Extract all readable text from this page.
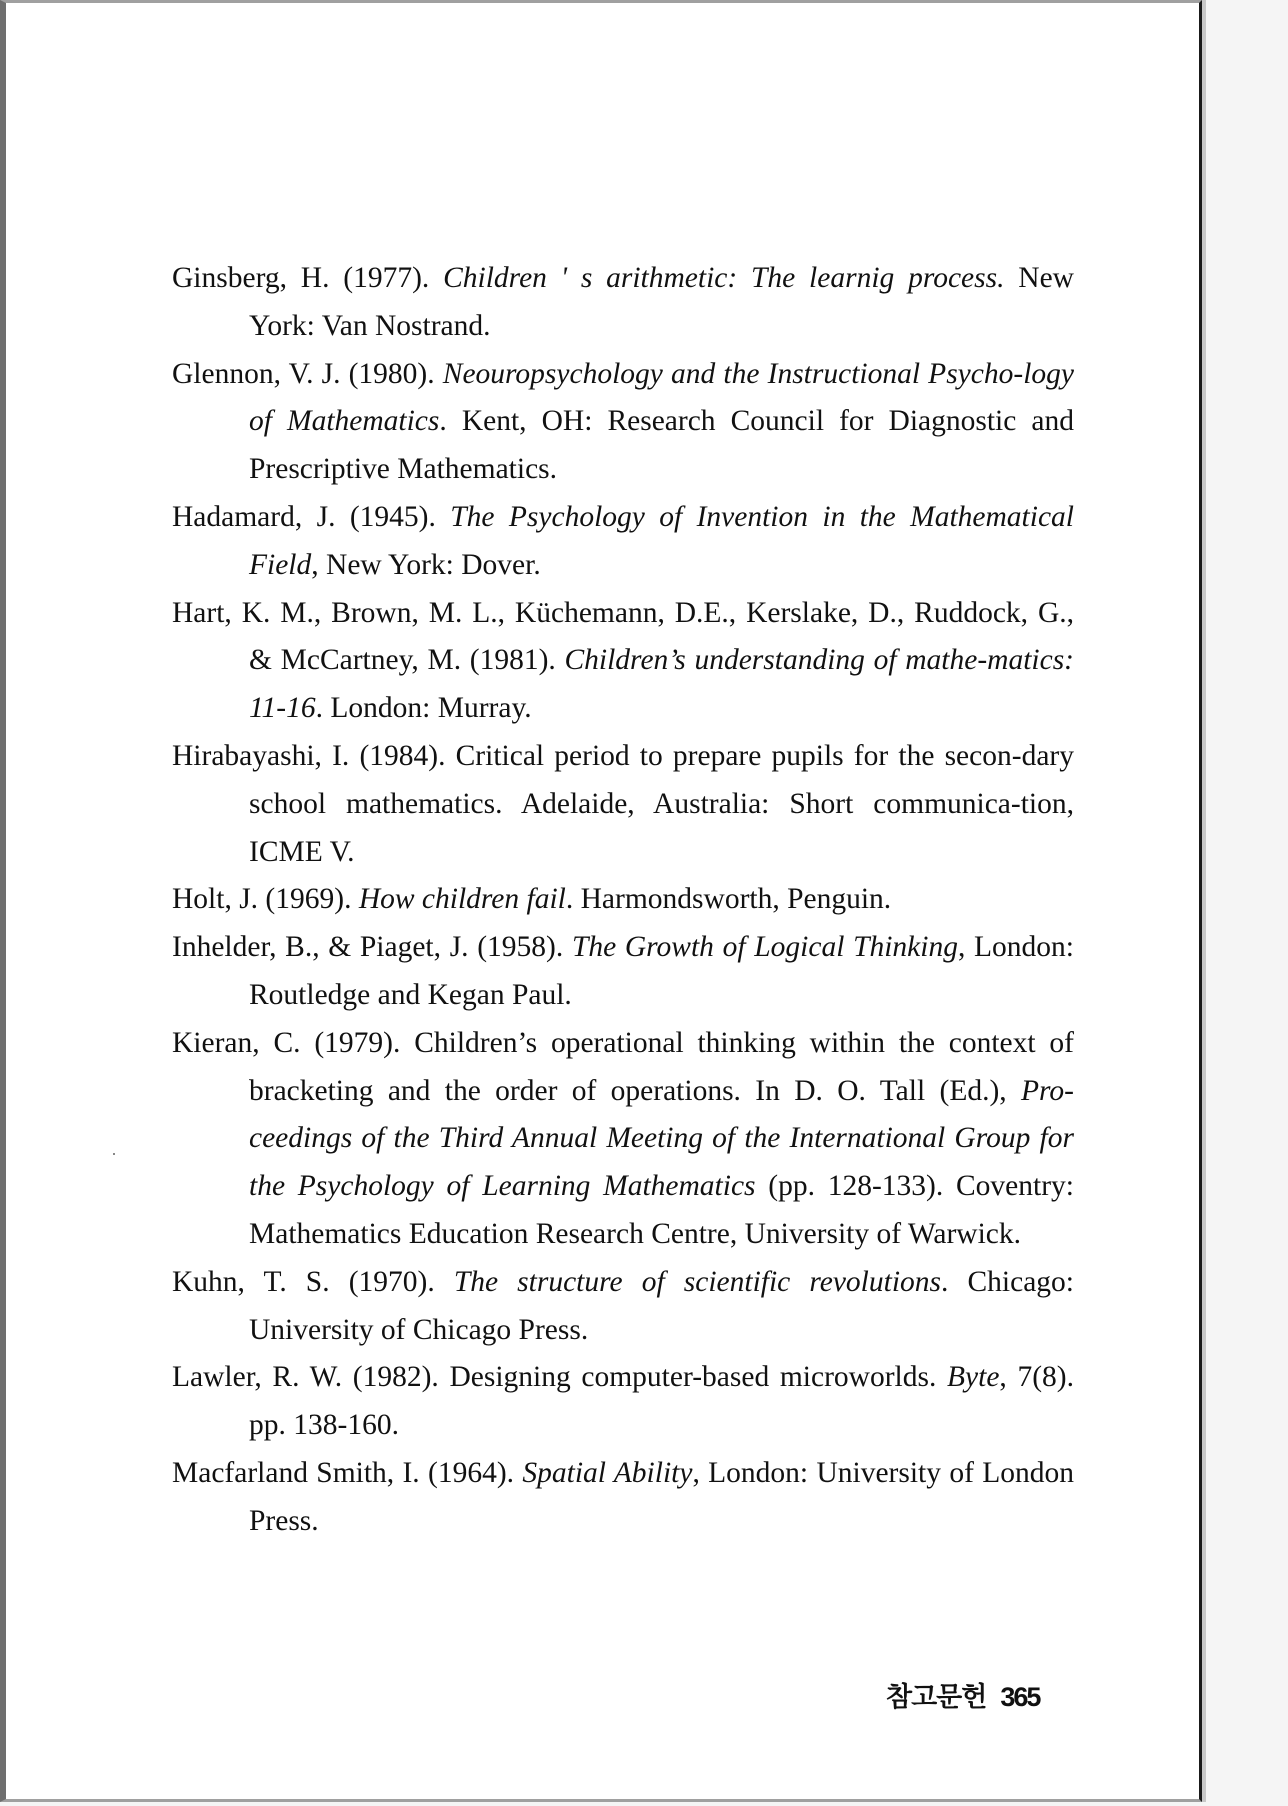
Ginsberg, H. (1977). Children ' s arithmetic: The learnig process. New York: Van Nostrand.

Glennon, V. J. (1980). Neouropsychology and the Instructional Psycho-logy of Mathematics. Kent, OH: Research Council for Diagnostic and Prescriptive Mathematics.

Hadamard, J. (1945). The Psychology of Invention in the Mathematical Field, New York: Dover.

Hart, K. M., Brown, M. L., Küchemann, D.E., Kerslake, D., Ruddock, G., & McCartney, M. (1981). Children’s understanding of mathe-matics: 11-16. London: Murray.

Hirabayashi, I. (1984). Critical period to prepare pupils for the secon-dary school mathematics. Adelaide, Australia: Short communica-tion, ICME V.

Holt, J. (1969). How children fail. Harmondsworth, Penguin.

Inhelder, B., & Piaget, J. (1958). The Growth of Logical Thinking, London: Routledge and Kegan Paul.

Kieran, C. (1979). Children’s operational thinking within the context of bracketing and the order of operations. In D. O. Tall (Ed.), Pro-ceedings of the Third Annual Meeting of the International Group for the Psychology of Learning Mathematics (pp. 128-133). Coventry: Mathematics Education Research Centre, University of Warwick.

Kuhn, T. S. (1970). The structure of scientific revolutions. Chicago: University of Chicago Press.

Lawler, R. W. (1982). Designing computer-based microworlds. Byte, 7(8). pp. 138-160.

Macfarland Smith, I. (1964). Spatial Ability, London: University of London Press.

참고문헌 365
